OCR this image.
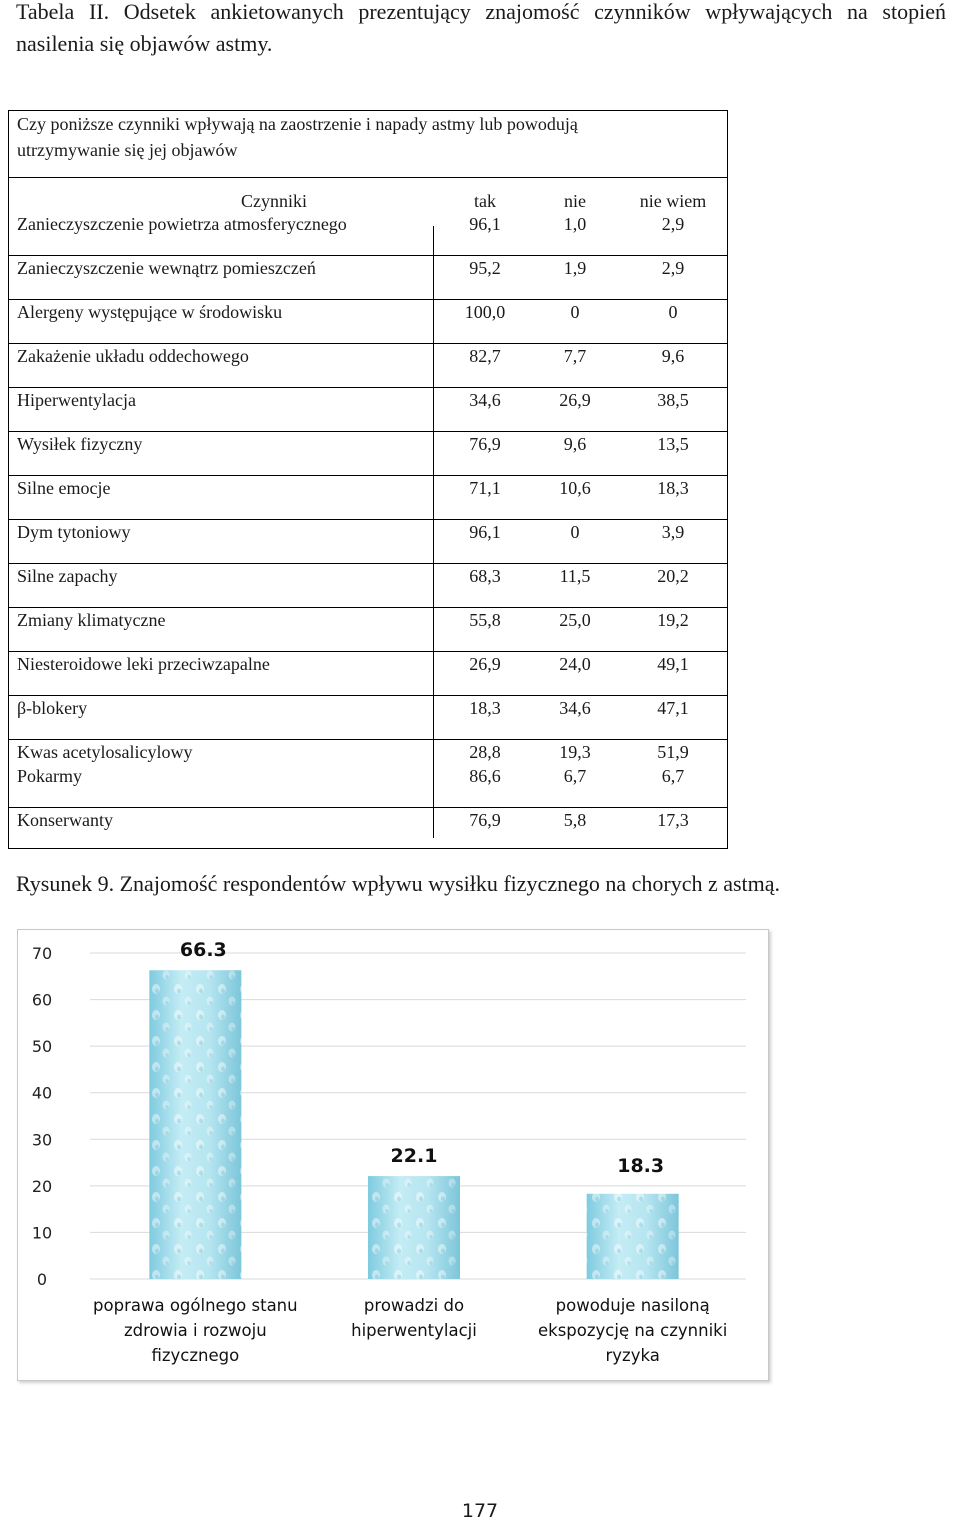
Tabela II. Odsetek ankietowanych prezentujący znajomość czynników wpływających na stopień nasilenia się objawów astmy.
Czy poniższe czynniki wpływają na zaostrzenie i napady astmy lub powodują
utrzymywanie się jej objawów
Czynniki	tak	nie	nie wiem
Zanieczyszczenie powietrza atmosferycznego	96,1	1,0	2,9
Zanieczyszczenie wewnątrz pomieszczeń	95,2	1,9	2,9
Alergeny występujące w środowisku	100,0	0	0
Zakażenie układu oddechowego	82,7	7,7	9,6
Hiperwentylacja	34,6	26,9	38,5
Wysiłek fizyczny	76,9	9,6	13,5
Silne emocje	71,1	10,6	18,3
Dym tytoniowy	96,1	0	3,9
Silne zapachy	68,3	11,5	20,2
Zmiany klimatyczne	55,8	25,0	19,2
Niesteroidowe leki przeciwzapalne	26,9	24,0	49,1
β-blokery	18,3	34,6	47,1
Kwas acetylosalicylowy	28,8	19,3	51,9
Pokarmy	86,6	6,7	6,7
Konserwanty	76,9	5,8	17,3
Rysunek 9. Znajomość respondentów wpływu wysiłku fizycznego na chorych z astmą.
0
10
20
30
40
50
60
70	66.3
poprawa ogólnego stanu
zdrowia i rozwoju
fizycznego
22.1
prowadzi do
hiperwentylacji
18.3
powoduje nasiloną
ekspozycję na czynniki
ryzyka
177
